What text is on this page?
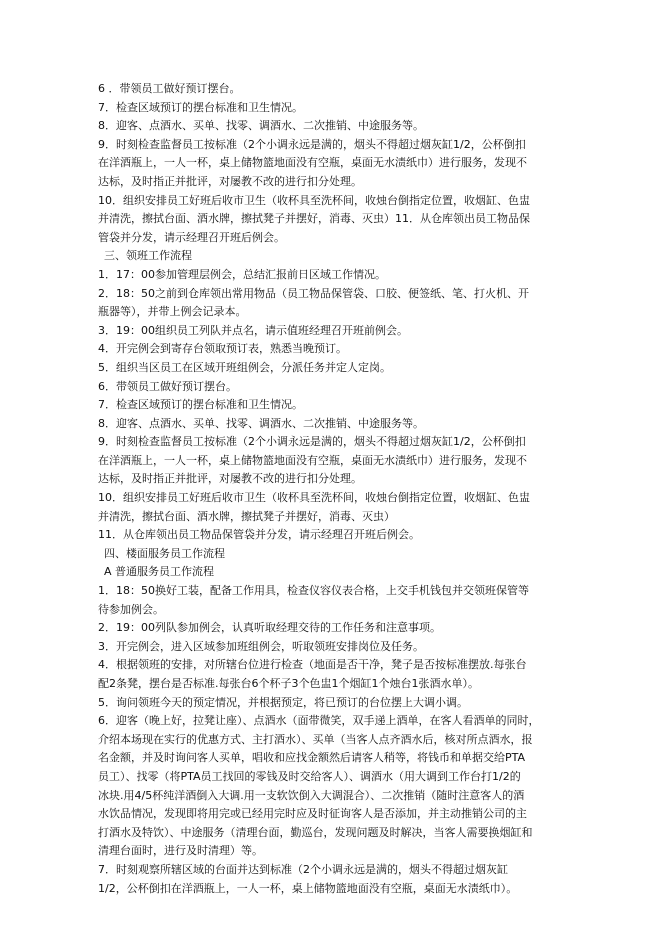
6 ．带领员工做好预订摆台。
7．检查区域预订的摆台标准和卫生情况。
8．迎客、点酒水、买单、找零、调酒水、二次推销、中途服务等。
9．时刻检查监督员工按标准（2个小调永远是满的，烟头不得超过烟灰缸1/2，公杯倒扣
在洋酒瓶上，一人一杯，桌上储物篮地面没有空瓶，桌面无水渍纸巾）进行服务，发现不
达标，及时指正并批评，对屡教不改的进行扣分处理。
10．组织安排员工好班后收市卫生（收杯具至洗杯间，收烛台倒指定位置，收烟缸、色盅
并清洗，擦拭台面、酒水牌，擦拭凳子并摆好，消毒、灭虫）11．从仓库领出员工物品保
管袋并分发，请示经理召开班后例会。
三、领班工作流程
1．17：00参加管理层例会，总结汇报前日区域工作情况。
2．18：50之前到仓库领出常用物品（员工物品保管袋、口胶、便签纸、笔、打火机、开
瓶器等），并带上例会记录本。
3．19：00组织员工列队并点名，请示值班经理召开班前例会。
4．开完例会到寄存台领取预订表，熟悉当晚预订。
5．组织当区员工在区域开班组例会，分派任务并定人定岗。
6．带领员工做好预订摆台。
7．检查区域预订的摆台标准和卫生情况。
8．迎客、点酒水、买单、找零、调酒水、二次推销、中途服务等。
9．时刻检查监督员工按标准（2个小调永远是满的，烟头不得超过烟灰缸1/2，公杯倒扣
在洋酒瓶上，一人一杯，桌上储物篮地面没有空瓶，桌面无水渍纸巾）进行服务，发现不
达标，及时指正并批评，对屡教不改的进行扣分处理。
10．组织安排员工好班后收市卫生（收杯具至洗杯间，收烛台倒指定位置，收烟缸、色盅
并清洗，擦拭台面、酒水牌，擦拭凳子并摆好，消毒、灭虫）
11．从仓库领出员工物品保管袋并分发，请示经理召开班后例会。
四、楼面服务员工作流程
A 普通服务员工作流程
1．18：50换好工装，配备工作用具，检查仪容仪表合格，上交手机钱包并交领班保管等
待参加例会。
2．19：00列队参加例会，认真听取经理交待的工作任务和注意事项。
3．开完例会，进入区域参加班组例会，听取领班安排岗位及任务。
4．根据领班的安排，对所辖台位进行检查（地面是否干净，凳子是否按标准摆放.每张台
配2条凳，摆台是否标准.每张台6个杯子3个色盅1个烟缸1个烛台1张酒水单）。
5．询问领班今天的预定情况，并根据预定，将已预订的台位摆上大调小调。
6．迎客（晚上好，拉凳让座）、点酒水（面带微笑，双手递上酒单，在客人看酒单的同时，
介绍本场现在实行的优惠方式、主打酒水）、买单（当客人点齐酒水后，核对所点酒水，报
名金额，并及时询问客人买单，唱收和应找金额然后请客人稍等，将钱币和单据交给PTA
员工）、找零（将PTA员工找回的零钱及时交给客人）、调酒水（用大调到工作台打1/2的
冰块.用4/5杯纯洋酒倒入大调.用一支软饮倒入大调混合）、二次推销（随时注意客人的酒
水饮品情况，发现即将用完或已经用完时应及时征询客人是否添加，并主动推销公司的主
打酒水及特饮）、中途服务（清理台面，勤巡台，发现问题及时解决，当客人需要换烟缸和
清理台面时，进行及时清理）等。
7．时刻观察所辖区域的台面并达到标准（2个小调永远是满的，烟头不得超过烟灰缸
1/2，公杯倒扣在洋酒瓶上，一人一杯，桌上储物篮地面没有空瓶，桌面无水渍纸巾）。
